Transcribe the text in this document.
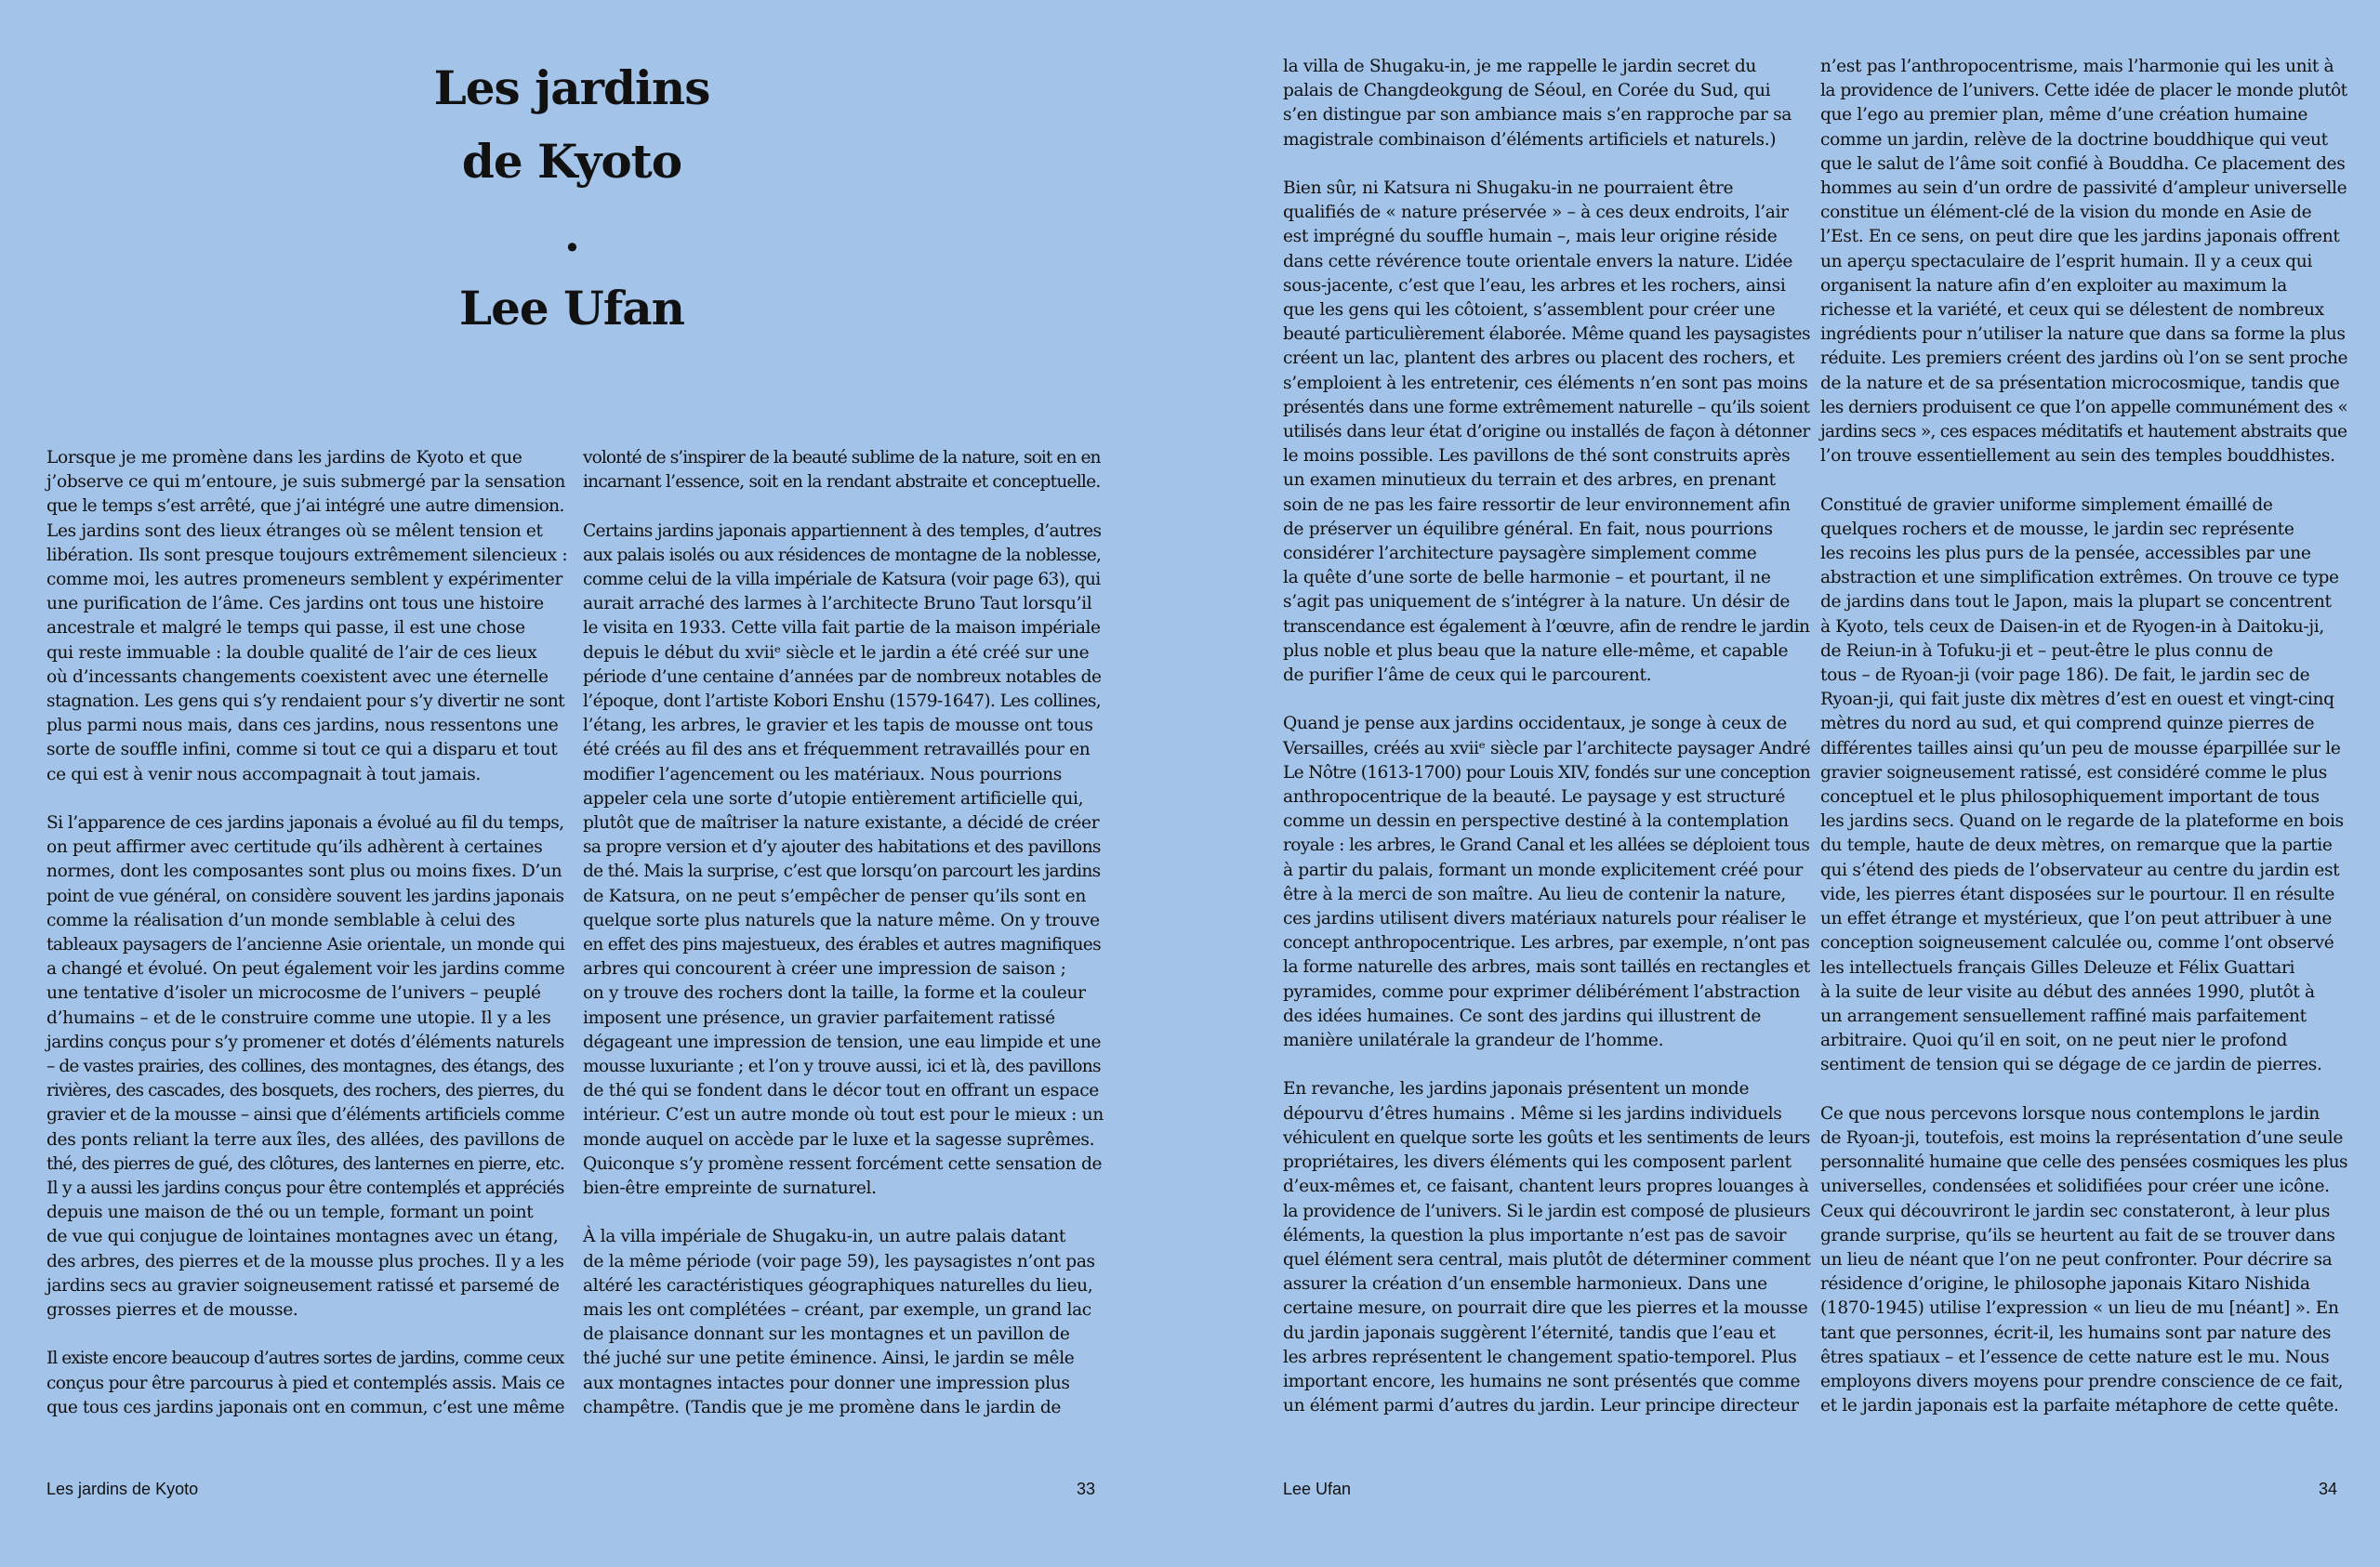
Les jardins
de Kyoto
.
Lee Ufan

Lorsque je me promène dans les jardins de Kyoto et que
j’observe ce qui m’entoure, je suis submergé par la sensation
que le temps s’est arrêté, que j’ai intégré une autre dimension.
Les jardins sont des lieux étranges où se mêlent tension et
libération. Ils sont presque toujours extrêmement silencieux :
comme moi, les autres promeneurs semblent y expérimenter
une purification de l’âme. Ces jardins ont tous une histoire
ancestrale et malgré le temps qui passe, il est une chose
qui reste immuable : la double qualité de l’air de ces lieux
où d’incessants changements coexistent avec une éternelle
stagnation. Les gens qui s’y rendaient pour s’y divertir ne sont
plus parmi nous mais, dans ces jardins, nous ressentons une
sorte de souffle infini, comme si tout ce qui a disparu et tout
ce qui est à venir nous accompagnait à tout jamais.

Si l’apparence de ces jardins japonais a évolué au fil du temps,
on peut affirmer avec certitude qu’ils adhèrent à certaines
normes, dont les composantes sont plus ou moins fixes. D’un
point de vue général, on considère souvent les jardins japonais
comme la réalisation d’un monde semblable à celui des
tableaux paysagers de l’ancienne Asie orientale, un monde qui
a changé et évolué. On peut également voir les jardins comme
une tentative d’isoler un microcosme de l’univers – peuplé
d’humains – et de le construire comme une utopie. Il y a les
jardins conçus pour s’y promener et dotés d’éléments naturels
– de vastes prairies, des collines, des montagnes, des étangs, des
rivières, des cascades, des bosquets, des rochers, des pierres, du
gravier et de la mousse – ainsi que d’éléments artificiels comme
des ponts reliant la terre aux îles, des allées, des pavillons de
thé, des pierres de gué, des clôtures, des lanternes en pierre, etc.
Il y a aussi les jardins conçus pour être contemplés et appréciés
depuis une maison de thé ou un temple, formant un point
de vue qui conjugue de lointaines montagnes avec un étang,
des arbres, des pierres et de la mousse plus proches. Il y a les
jardins secs au gravier soigneusement ratissé et parsemé de
grosses pierres et de mousse.

Il existe encore beaucoup d’autres sortes de jardins, comme ceux
conçus pour être parcourus à pied et contemplés assis. Mais ce
que tous ces jardins japonais ont en commun, c’est une même

volonté de s’inspirer de la beauté sublime de la nature, soit en en
incarnant l’essence, soit en la rendant abstraite et conceptuelle.

Certains jardins japonais appartiennent à des temples, d’autres
aux palais isolés ou aux résidences de montagne de la noblesse,
comme celui de la villa impériale de Katsura (voir page 63), qui
aurait arraché des larmes à l’architecte Bruno Taut lorsqu’il
le visita en 1933. Cette villa fait partie de la maison impériale
depuis le début du xviiᵉ siècle et le jardin a été créé sur une
période d’une centaine d’années par de nombreux notables de
l’époque, dont l’artiste Kobori Enshu (1579-1647). Les collines,
l’étang, les arbres, le gravier et les tapis de mousse ont tous
été créés au fil des ans et fréquemment retravaillés pour en
modifier l’agencement ou les matériaux. Nous pourrions
appeler cela une sorte d’utopie entièrement artificielle qui,
plutôt que de maîtriser la nature existante, a décidé de créer
sa propre version et d’y ajouter des habitations et des pavillons
de thé. Mais la surprise, c’est que lorsqu’on parcourt les jardins
de Katsura, on ne peut s’empêcher de penser qu’ils sont en
quelque sorte plus naturels que la nature même. On y trouve
en effet des pins majestueux, des érables et autres magnifiques
arbres qui concourent à créer une impression de saison ;
on y trouve des rochers dont la taille, la forme et la couleur
imposent une présence, un gravier parfaitement ratissé
dégageant une impression de tension, une eau limpide et une
mousse luxuriante ; et l’on y trouve aussi, ici et là, des pavillons
de thé qui se fondent dans le décor tout en offrant un espace
intérieur. C’est un autre monde où tout est pour le mieux : un
monde auquel on accède par le luxe et la sagesse suprêmes.
Quiconque s’y promène ressent forcément cette sensation de
bien-être empreinte de surnaturel.

À la villa impériale de Shugaku-in, un autre palais datant
de la même période (voir page 59), les paysagistes n’ont pas
altéré les caractéristiques géographiques naturelles du lieu,
mais les ont complétées – créant, par exemple, un grand lac
de plaisance donnant sur les montagnes et un pavillon de
thé juché sur une petite éminence. Ainsi, le jardin se mêle
aux montagnes intactes pour donner une impression plus
champêtre. (Tandis que je me promène dans le jardin de

la villa de Shugaku-in, je me rappelle le jardin secret du
palais de Changdeokgung de Séoul, en Corée du Sud, qui
s’en distingue par son ambiance mais s’en rapproche par sa
magistrale combinaison d’éléments artificiels et naturels.)

Bien sûr, ni Katsura ni Shugaku-in ne pourraient être
qualifiés de « nature préservée » – à ces deux endroits, l’air
est imprégné du souffle humain –, mais leur origine réside
dans cette révérence toute orientale envers la nature. L’idée
sous-jacente, c’est que l’eau, les arbres et les rochers, ainsi
que les gens qui les côtoient, s’assemblent pour créer une
beauté particulièrement élaborée. Même quand les paysagistes
créent un lac, plantent des arbres ou placent des rochers, et
s’emploient à les entretenir, ces éléments n’en sont pas moins
présentés dans une forme extrêmement naturelle – qu’ils soient
utilisés dans leur état d’origine ou installés de façon à détonner
le moins possible. Les pavillons de thé sont construits après
un examen minutieux du terrain et des arbres, en prenant
soin de ne pas les faire ressortir de leur environnement afin
de préserver un équilibre général. En fait, nous pourrions
considérer l’architecture paysagère simplement comme
la quête d’une sorte de belle harmonie – et pourtant, il ne
s’agit pas uniquement de s’intégrer à la nature. Un désir de
transcendance est également à l’œuvre, afin de rendre le jardin
plus noble et plus beau que la nature elle-même, et capable
de purifier l’âme de ceux qui le parcourent.

Quand je pense aux jardins occidentaux, je songe à ceux de
Versailles, créés au xviiᵉ siècle par l’architecte paysager André
Le Nôtre (1613-1700) pour Louis XIV, fondés sur une conception
anthropocentrique de la beauté. Le paysage y est structuré
comme un dessin en perspective destiné à la contemplation
royale : les arbres, le Grand Canal et les allées se déploient tous
à partir du palais, formant un monde explicitement créé pour
être à la merci de son maître. Au lieu de contenir la nature,
ces jardins utilisent divers matériaux naturels pour réaliser le
concept anthropocentrique. Les arbres, par exemple, n’ont pas
la forme naturelle des arbres, mais sont taillés en rectangles et
pyramides, comme pour exprimer délibérément l’abstraction
des idées humaines. Ce sont des jardins qui illustrent de
manière unilatérale la grandeur de l’homme.

En revanche, les jardins japonais présentent un monde
dépourvu d’êtres humains . Même si les jardins individuels
véhiculent en quelque sorte les goûts et les sentiments de leurs
propriétaires, les divers éléments qui les composent parlent
d’eux-mêmes et, ce faisant, chantent leurs propres louanges à
la providence de l’univers. Si le jardin est composé de plusieurs
éléments, la question la plus importante n’est pas de savoir
quel élément sera central, mais plutôt de déterminer comment
assurer la création d’un ensemble harmonieux. Dans une
certaine mesure, on pourrait dire que les pierres et la mousse
du jardin japonais suggèrent l’éternité, tandis que l’eau et
les arbres représentent le changement spatio-temporel. Plus
important encore, les humains ne sont présentés que comme
un élément parmi d’autres du jardin. Leur principe directeur

n’est pas l’anthropocentrisme, mais l’harmonie qui les unit à
la providence de l’univers. Cette idée de placer le monde plutôt
que l’ego au premier plan, même d’une création humaine
comme un jardin, relève de la doctrine bouddhique qui veut
que le salut de l’âme soit confié à Bouddha. Ce placement des
hommes au sein d’un ordre de passivité d’ampleur universelle
constitue un élément-clé de la vision du monde en Asie de
l’Est. En ce sens, on peut dire que les jardins japonais offrent
un aperçu spectaculaire de l’esprit humain. Il y a ceux qui
organisent la nature afin d’en exploiter au maximum la
richesse et la variété, et ceux qui se délestent de nombreux
ingrédients pour n’utiliser la nature que dans sa forme la plus
réduite. Les premiers créent des jardins où l’on se sent proche
de la nature et de sa présentation microcosmique, tandis que
les derniers produisent ce que l’on appelle communément des «
jardins secs », ces espaces méditatifs et hautement abstraits que
l’on trouve essentiellement au sein des temples bouddhistes.

Constitué de gravier uniforme simplement émaillé de
quelques rochers et de mousse, le jardin sec représente
les recoins les plus purs de la pensée, accessibles par une
abstraction et une simplification extrêmes. On trouve ce type
de jardins dans tout le Japon, mais la plupart se concentrent
à Kyoto, tels ceux de Daisen-in et de Ryogen-in à Daitoku-ji,
de Reiun-in à Tofuku-ji et – peut-être le plus connu de
tous – de Ryoan-ji (voir page 186). De fait, le jardin sec de
Ryoan-ji, qui fait juste dix mètres d’est en ouest et vingt-cinq
mètres du nord au sud, et qui comprend quinze pierres de
différentes tailles ainsi qu’un peu de mousse éparpillée sur le
gravier soigneusement ratissé, est considéré comme le plus
conceptuel et le plus philosophiquement important de tous
les jardins secs. Quand on le regarde de la plateforme en bois
du temple, haute de deux mètres, on remarque que la partie
qui s’étend des pieds de l’observateur au centre du jardin est
vide, les pierres étant disposées sur le pourtour. Il en résulte
un effet étrange et mystérieux, que l’on peut attribuer à une
conception soigneusement calculée ou, comme l’ont observé
les intellectuels français Gilles Deleuze et Félix Guattari
à la suite de leur visite au début des années 1990, plutôt à
un arrangement sensuellement raffiné mais parfaitement
arbitraire. Quoi qu’il en soit, on ne peut nier le profond
sentiment de tension qui se dégage de ce jardin de pierres.

Ce que nous percevons lorsque nous contemplons le jardin
de Ryoan-ji, toutefois, est moins la représentation d’une seule
personnalité humaine que celle des pensées cosmiques les plus
universelles, condensées et solidifiées pour créer une icône.
Ceux qui découvriront le jardin sec constateront, à leur plus
grande surprise, qu’ils se heurtent au fait de se trouver dans
un lieu de néant que l’on ne peut confronter. Pour décrire sa
résidence d’origine, le philosophe japonais Kitaro Nishida
(1870-1945) utilise l’expression « un lieu de mu [néant] ». En
tant que personnes, écrit-il, les humains sont par nature des
êtres spatiaux – et l’essence de cette nature est le mu. Nous
employons divers moyens pour prendre conscience de ce fait,
et le jardin japonais est la parfaite métaphore de cette quête.

Les jardins de Kyoto	33	Lee Ufan	34
